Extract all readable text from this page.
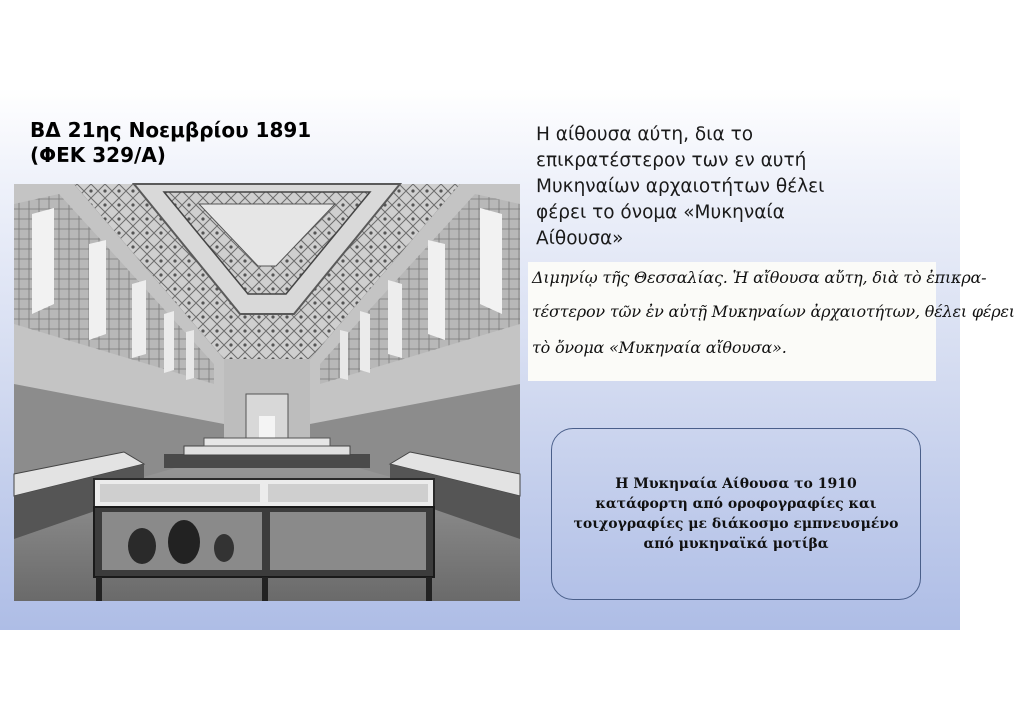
ΒΔ 21ης Νοεμβρίου 1891
(ΦΕΚ 329/Α)
Η αίθουσα αύτη, δια το
επικρατέστερον των εν αυτή
Μυκηναίων αρχαιοτήτων θέλει
φέρει το όνομα «Μυκηναία
Αίθουσα»
Διμηνίῳ τῆς Θεσσαλίας. Ἡ αἴθουσα αὔτη, διὰ τὸ ἐπικρα-
τέστερον τῶν ἐν αὐτῇ Μυκηναίων ἀρχαιοτήτων, θέλει φέρει
τὸ ὄνομα «Μυκηναία αἴθουσα».
Η Μυκηναία Αίθουσα το 1910
κατάφορτη από οροφογραφίες και
τοιχογραφίες με διάκοσμο εμπνευσμένο
από μυκηναϊκά μοτίβα
